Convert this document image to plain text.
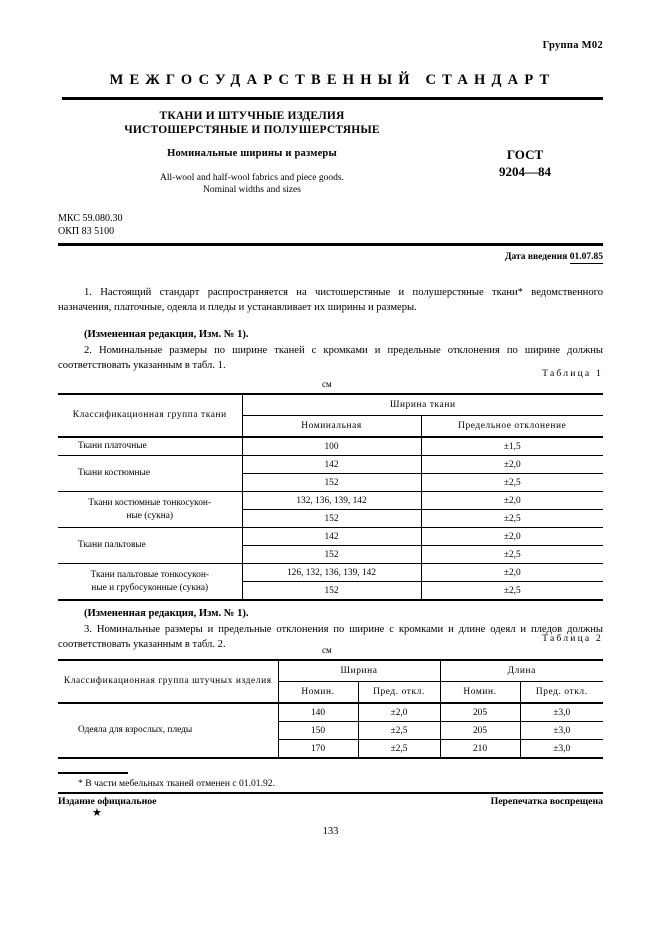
Группа М02
МЕЖГОСУДАРСТВЕННЫЙ СТАНДАРТ
ТКАНИ И ШТУЧНЫЕ ИЗДЕЛИЯ
ЧИСТОШЕРСТЯНЫЕ И ПОЛУШЕРСТЯНЫЕ
Номинальные ширины и размеры
All-wool and half-wool fabrics and piece goods.
Nominal widths and sizes
ГОСТ
9204—84
МКС 59.080.30
ОКП 83 5100
Дата введения 01.07.85
1. Настоящий стандарт распространяется на чистошерстяные и полушерстяные ткани* ведомственного назначения, платочные, одеяла и пледы и устанавливает их ширины и размеры.
(Измененная редакция, Изм. № 1).
2. Номинальные размеры по ширине тканей с кромками и предельные отклонения по ширине должны соответствовать указанным в табл. 1.
Таблица 1
см
Классификационная группа ткани	Ширина ткани	
	Номинальная	Предельное отклонение
Ткани платочные	100	±1,5
Ткани костюмные	142	±2,0
	152	±2,5
Ткани костюмные тонкосукон-
ные (сукна)	132, 136, 139, 142	±2,0
	152	±2,5
Ткани пальтовые	142	±2,0
	152	±2,5
Ткани пальтовые тонкосукон-
ные и грубосуконные (сукна)	126, 132, 136, 139, 142	±2,0
	152	±2,5
(Измененная редакция, Изм. № 1).
3. Номинальные размеры и предельные отклонения по ширине с кромками и длине одеял и пледов должны соответствовать указанным в табл. 2.
Таблица 2
см
Классификационная группа штучных изделия	Ширина		Длина	
	Номин.	Пред. откл.	Номин.	Пред. откл.
Одеяла для взрослых, пледы	140	±2,0	205	±3,0
	150	±2,5	205	±3,0
	170	±2,5	210	±3,0
* В части мебельных тканей отменен с 01.01.92.
Издание официальное	Перепечатка воспрещена
★
133
